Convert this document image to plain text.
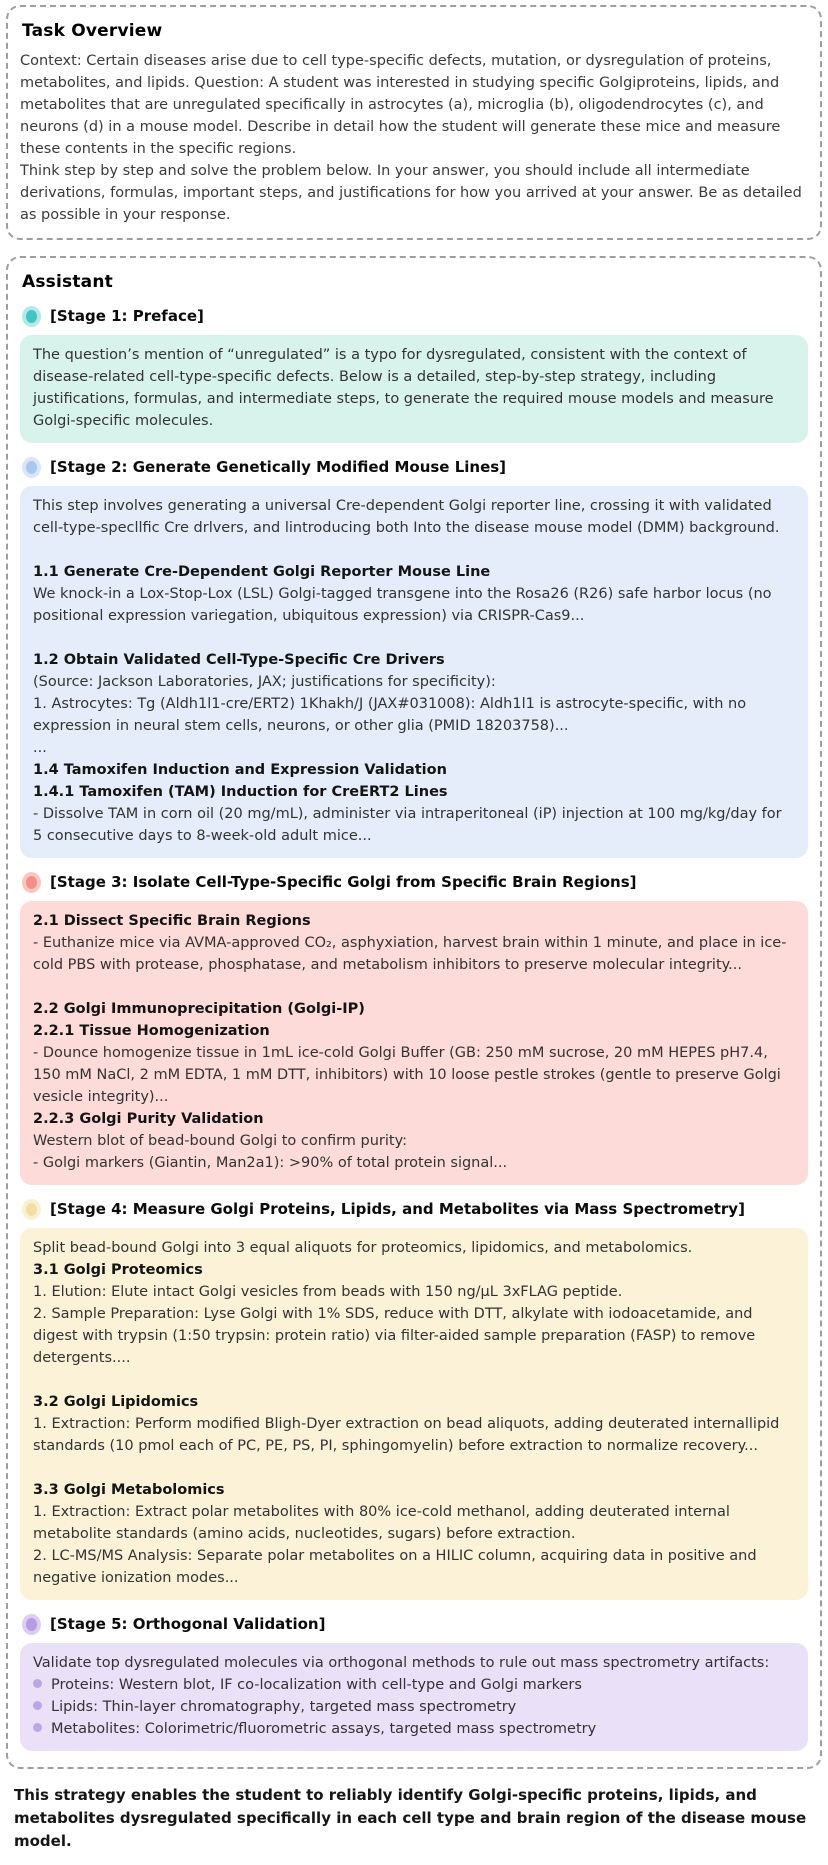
Task Overview
Context: Certain diseases arise due to cell type-specific defects, mutation, or dysregulation of proteins, metabolites, and lipids. Question: A student was interested in studying specific Golgiproteins, lipids, and metabolites that are unregulated specifically in astrocytes (a), microglia (b), oligodendrocytes (c), and neurons (d) in a mouse model. Describe in detail how the student will generate these mice and measure these contents in the specific regions.
Think step by step and solve the problem below. In your answer, you should include all intermediate derivations, formulas, important steps, and justifications for how you arrived at your answer. Be as detailed as possible in your response.
Assistant
[Stage 1: Preface]
The question’s mention of “unregulated” is a typo for dysregulated, consistent with the context of disease-related cell-type-specific defects. Below is a detailed, step-by-step strategy, including justifications, formulas, and intermediate steps, to generate the required mouse models and measure Golgi-specific molecules.
[Stage 2: Generate Genetically Modified Mouse Lines]
This step involves generating a universal Cre-dependent Golgi reporter line, crossing it with validated cell-type-specllfic Cre drlvers, and lintroducing both Into the disease mouse model (DMM) background.
1.1 Generate Cre-Dependent Golgi Reporter Mouse Line
We knock-in a Lox-Stop-Lox (LSL) Golgi-tagged transgene into the Rosa26 (R26) safe harbor locus (no positional expression variegation, ubiquitous expression) via CRISPR-Cas9...
1.2 Obtain Validated Cell-Type-Specific Cre Drivers
(Source: Jackson Laboratories, JAX; justifications for specificity):
1. Astrocytes: Tg (Aldh1l1-cre/ERT2) 1Khakh/J (JAX#031008): Aldh1l1 is astrocyte-specific, with no expression in neural stem cells, neurons, or other glia (PMID 18203758)...
...
1.4 Tamoxifen Induction and Expression Validation
1.4.1 Tamoxifen (TAM) Induction for CreERT2 Lines
- Dissolve TAM in corn oil (20 mg/mL), administer via intraperitoneal (iP) injection at 100 mg/kg/day for 5 consecutive days to 8-week-old adult mice...
[Stage 3: Isolate Cell-Type-Specific Golgi from Specific Brain Regions]
2.1 Dissect Specific Brain Regions
- Euthanize mice via AVMA-approved CO₂, asphyxiation, harvest brain within 1 minute, and place in ice-cold PBS with protease, phosphatase, and metabolism inhibitors to preserve molecular integrity...
2.2 Golgi Immunoprecipitation (Golgi-IP)
2.2.1 Tissue Homogenization
- Dounce homogenize tissue in 1mL ice-cold Golgi Buffer (GB: 250 mM sucrose, 20 mM HEPES pH7.4, 150 mM NaCl, 2 mM EDTA, 1 mM DTT, inhibitors) with 10 loose pestle strokes (gentle to preserve Golgi vesicle integrity)...
2.2.3 Golgi Purity Validation
Western blot of bead-bound Golgi to confirm purity:
- Golgi markers (Giantin, Man2a1): >90% of total protein signal...
[Stage 4: Measure Golgi Proteins, Lipids, and Metabolites via Mass Spectrometry]
Split bead-bound Golgi into 3 equal aliquots for proteomics, lipidomics, and metabolomics.
3.1 Golgi Proteomics
1. Elution: Elute intact Golgi vesicles from beads with 150 ng/μL 3xFLAG peptide.
2. Sample Preparation: Lyse Golgi with 1% SDS, reduce with DTT, alkylate with iodoacetamide, and digest with trypsin (1:50 trypsin: protein ratio) via filter-aided sample preparation (FASP) to remove detergents....
3.2 Golgi Lipidomics
1. Extraction: Perform modified Bligh-Dyer extraction on bead aliquots, adding deuterated internallipid standards (10 pmol each of PC, PE, PS, PI, sphingomyelin) before extraction to normalize recovery...
3.3 Golgi Metabolomics
1. Extraction: Extract polar metabolites with 80% ice-cold methanol, adding deuterated internal metabolite standards (amino acids, nucleotides, sugars) before extraction.
2. LC-MS/MS Analysis: Separate polar metabolites on a HILIC column, acquiring data in positive and negative ionization modes...
[Stage 5: Orthogonal Validation]
Validate top dysregulated molecules via orthogonal methods to rule out mass spectrometry artifacts:
Proteins: Western blot, IF co-localization with cell-type and Golgi markers
Lipids: Thin-layer chromatography, targeted mass spectrometry
Metabolites: Colorimetric/fluorometric assays, targeted mass spectrometry

This strategy enables the student to reliably identify Golgi-specific proteins, lipids, and metabolites dysregulated specifically in each cell type and brain region of the disease mouse model.
